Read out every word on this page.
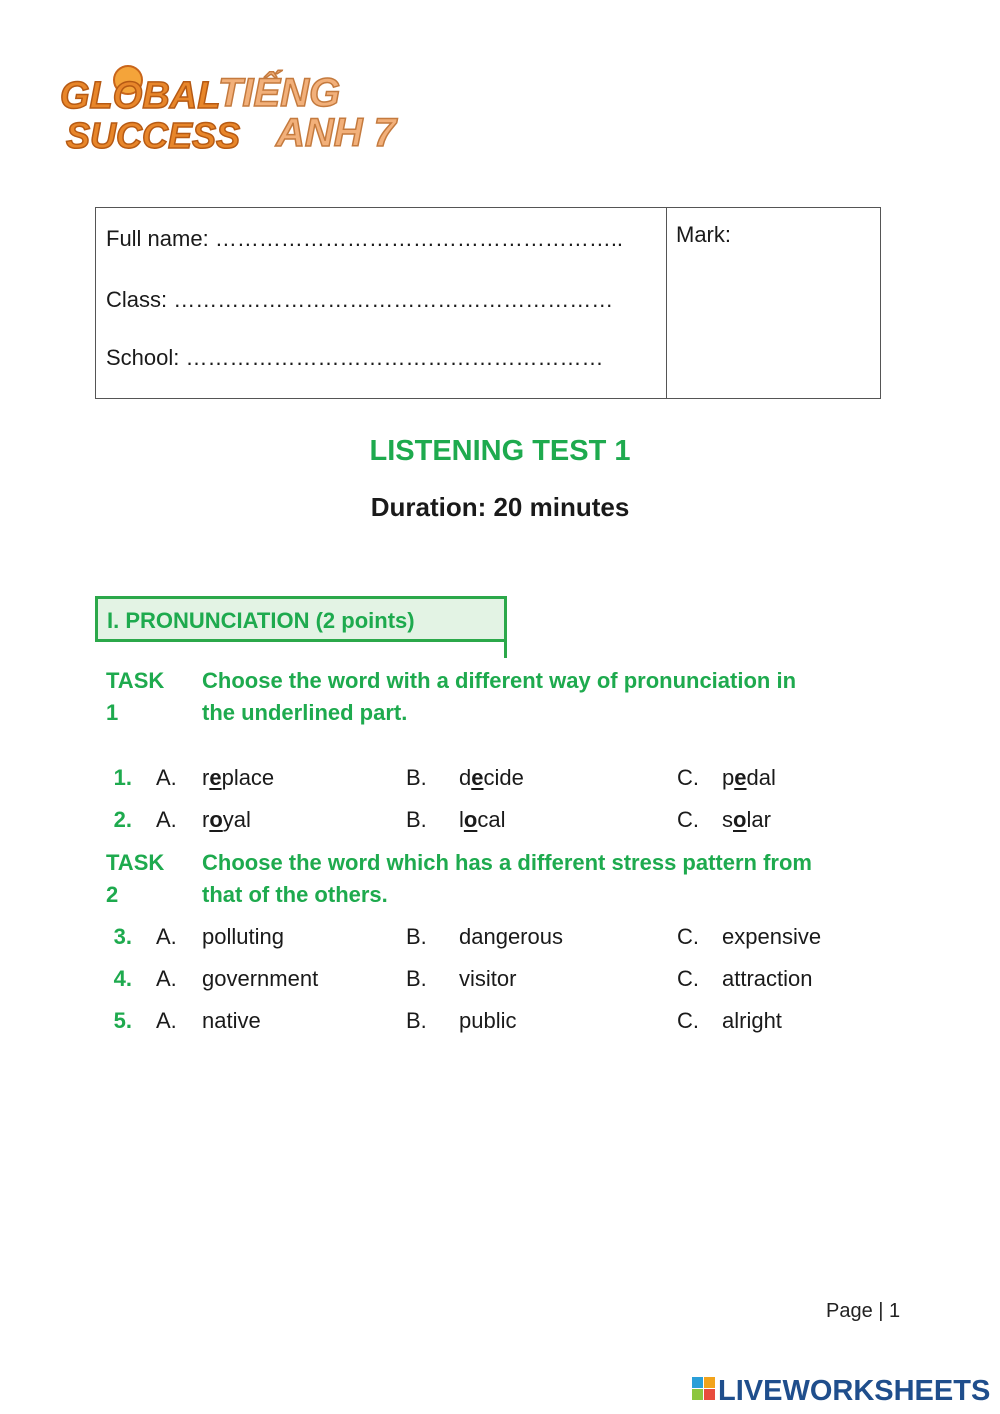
GLOBAL
SUCCESS
TIẾNG
ANH 7
Full name: ………………………………………………..
Class: ……………………………………………………
School: …………………………………………………
Mark:
LISTENING TEST 1
Duration: 20 minutes
I. PRONUNCIATION (2 points)
TASK
1
Choose the word with a different way of pronunciation in
the underlined part.
TASK
2
Choose the word which has a different stress pattern from
that of the others.
1. A. replace	B. decide	C. pedal
2. A. royal	B. local	C. solar
3. A. polluting	B. dangerous	C. expensive
4. A. government	B. visitor	C. attraction
5. A. native	B. public	C. alright
Page | 1
LIVEWORKSHEETS
